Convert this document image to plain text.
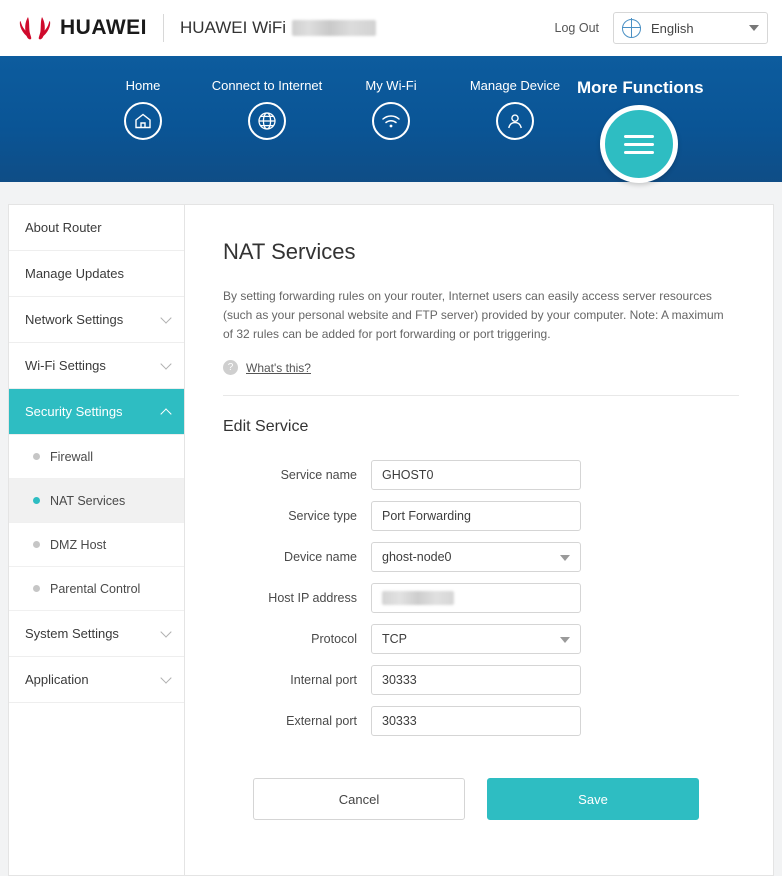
HUAWEI HUAWEI WiFi	Log Out	English
Home	Connect to Internet	My Wi-Fi	Manage Device More Functions
About Router
Manage Updates
Network Settings
Wi-Fi Settings
Security Settings
Firewall
NAT Services
DMZ Host
Parental Control
System Settings
Application
NAT Services
By setting forwarding rules on your router, Internet users can easily access server resources (such as your personal website and FTP server) provided by your computer. Note: A maximum of 32 rules can be added for port forwarding or port triggering.
?	What's this?
Edit Service
Service name	GHOST0
Service type	Port Forwarding
Device name	ghost-node0
Host IP address
Protocol	TCP
Internal port	30333
External port	30333
Cancel	Save
